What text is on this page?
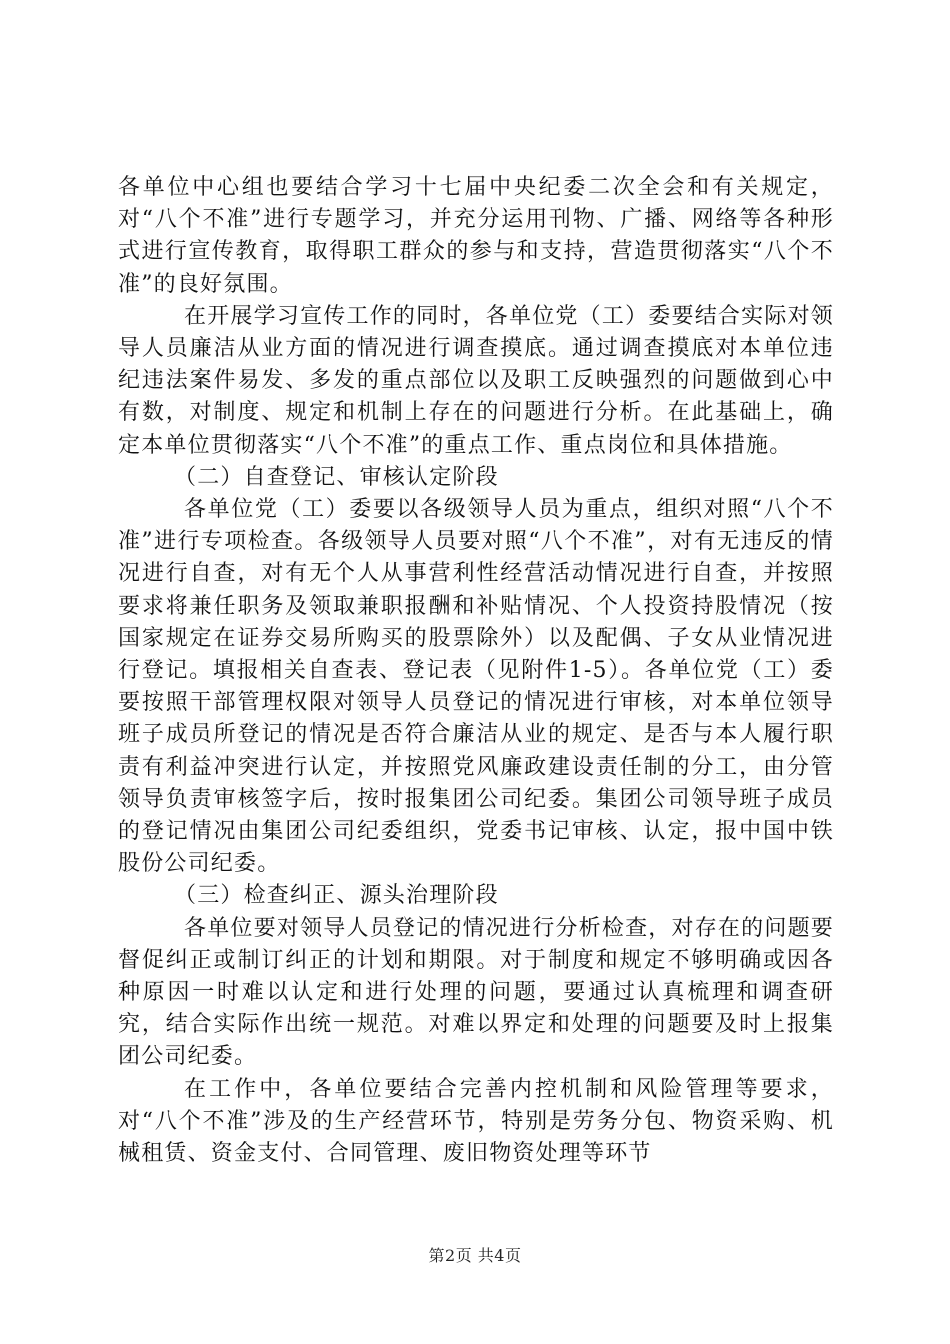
各单位中心组也要结合学习十七届中央纪委二次全会和有关规定，对“八个不准”进行专题学习，并充分运用刊物、广播、网络等各种形式进行宣传教育，取得职工群众的参与和支持，营造贯彻落实“八个不准”的良好氛围。

在开展学习宣传工作的同时，各单位党（工）委要结合实际对领导人员廉洁从业方面的情况进行调查摸底。通过调查摸底对本单位违纪违法案件易发、多发的重点部位以及职工反映强烈的问题做到心中有数，对制度、规定和机制上存在的问题进行分析。在此基础上，确定本单位贯彻落实“八个不准”的重点工作、重点岗位和具体措施。

（二）自查登记、审核认定阶段

各单位党（工）委要以各级领导人员为重点，组织对照“八个不准”进行专项检查。各级领导人员要对照“八个不准”，对有无违反的情况进行自查，对有无个人从事营利性经营活动情况进行自查，并按照要求将兼任职务及领取兼职报酬和补贴情况、个人投资持股情况（按国家规定在证券交易所购买的股票除外）以及配偶、子女从业情况进行登记。填报相关自查表、登记表（见附件1-5）。各单位党（工）委要按照干部管理权限对领导人员登记的情况进行审核，对本单位领导班子成员所登记的情况是否符合廉洁从业的规定、是否与本人履行职责有利益冲突进行认定，并按照党风廉政建设责任制的分工，由分管领导负责审核签字后，按时报集团公司纪委。集团公司领导班子成员的登记情况由集团公司纪委组织，党委书记审核、认定，报中国中铁股份公司纪委。

（三）检查纠正、源头治理阶段

各单位要对领导人员登记的情况进行分析检查，对存在的问题要督促纠正或制订纠正的计划和期限。对于制度和规定不够明确或因各种原因一时难以认定和进行处理的问题，要通过认真梳理和调查研究，结合实际作出统一规范。对难以界定和处理的问题要及时上报集团公司纪委。

在工作中，各单位要结合完善内控机制和风险管理等要求，对“八个不准”涉及的生产经营环节，特别是劳务分包、物资采购、机械租赁、资金支付、合同管理、废旧物资处理等环节

第2页 共4页
